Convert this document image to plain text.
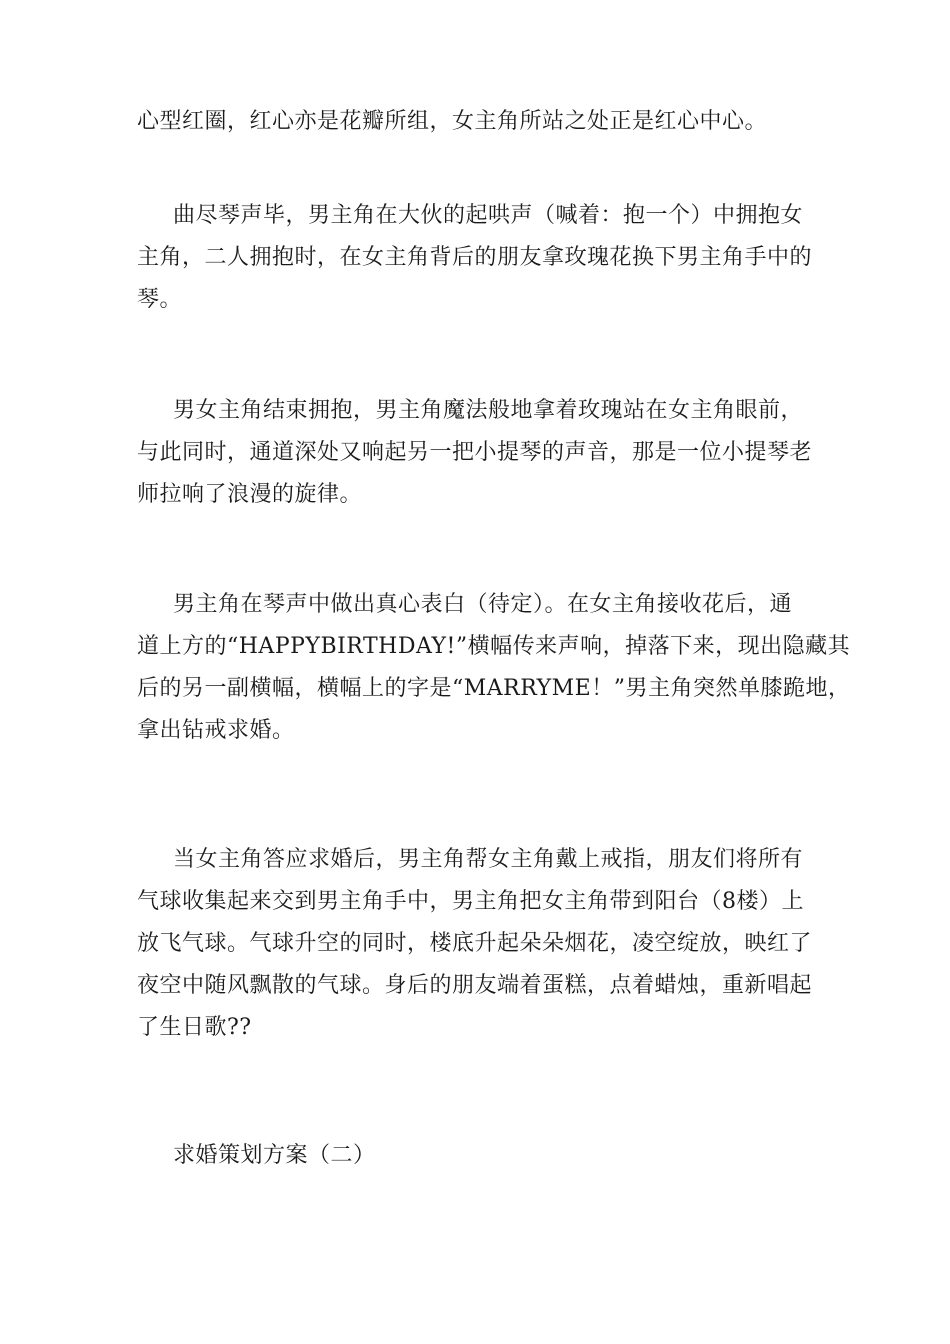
心型红圈，红心亦是花瓣所组，女主角所站之处正是红心中心。
曲尽琴声毕，男主角在大伙的起哄声（喊着：抱一个）中拥抱女
主角，二人拥抱时，在女主角背后的朋友拿玫瑰花换下男主角手中的
琴。
男女主角结束拥抱，男主角魔法般地拿着玫瑰站在女主角眼前，
与此同时，通道深处又响起另一把小提琴的声音，那是一位小提琴老
师拉响了浪漫的旋律。
男主角在琴声中做出真心表白（待定）。在女主角接收花后，通
道上方的“HAPPYBIRTHDAY!”横幅传来声响，掉落下来，现出隐藏其
后的另一副横幅，横幅上的字是“MARRYME！”男主角突然单膝跪地，
拿出钻戒求婚。
当女主角答应求婚后，男主角帮女主角戴上戒指，朋友们将所有
气球收集起来交到男主角手中，男主角把女主角带到阳台（8楼）上
放飞气球。气球升空的同时，楼底升起朵朵烟花，凌空绽放，映红了
夜空中随风飘散的气球。身后的朋友端着蛋糕，点着蜡烛，重新唱起
了生日歌??
求婚策划方案（二）
